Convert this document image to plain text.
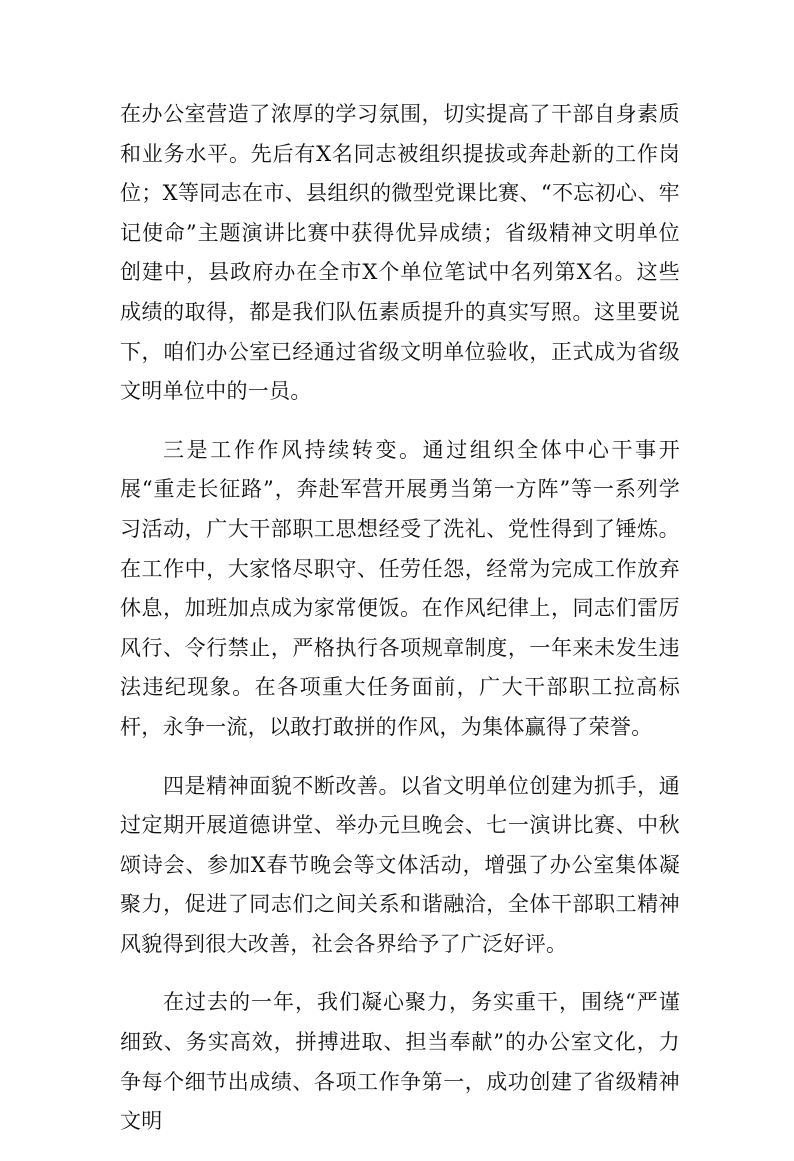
在办公室营造了浓厚的学习氛围，切实提高了干部自身素质和业务水平。先后有X名同志被组织提拔或奔赴新的工作岗位；X等同志在市、县组织的微型党课比赛、“不忘初心、牢记使命”主题演讲比赛中获得优异成绩；省级精神文明单位创建中，县政府办在全市X个单位笔试中名列第X名。这些成绩的取得，都是我们队伍素质提升的真实写照。这里要说下，咱们办公室已经通过省级文明单位验收，正式成为省级文明单位中的一员。

三是工作作风持续转变。通过组织全体中心干事开展“重走长征路”，奔赴军营开展勇当第一方阵”等一系列学习活动，广大干部职工思想经受了洗礼、党性得到了锤炼。在工作中，大家恪尽职守、任劳任怨，经常为完成工作放弃休息，加班加点成为家常便饭。在作风纪律上，同志们雷厉风行、令行禁止，严格执行各项规章制度，一年来未发生违法违纪现象。在各项重大任务面前，广大干部职工拉高标杆，永争一流，以敢打敢拼的作风，为集体赢得了荣誉。

四是精神面貌不断改善。以省文明单位创建为抓手，通过定期开展道德讲堂、举办元旦晚会、七一演讲比赛、中秋颂诗会、参加X春节晚会等文体活动，增强了办公室集体凝聚力，促进了同志们之间关系和谐融洽，全体干部职工精神风貌得到很大改善，社会各界给予了广泛好评。

在过去的一年，我们凝心聚力，务实重干，围绕“严谨细致、务实高效，拼搏进取、担当奉献”的办公室文化，力争每个细节出成绩、各项工作争第一，成功创建了省级精神文明
